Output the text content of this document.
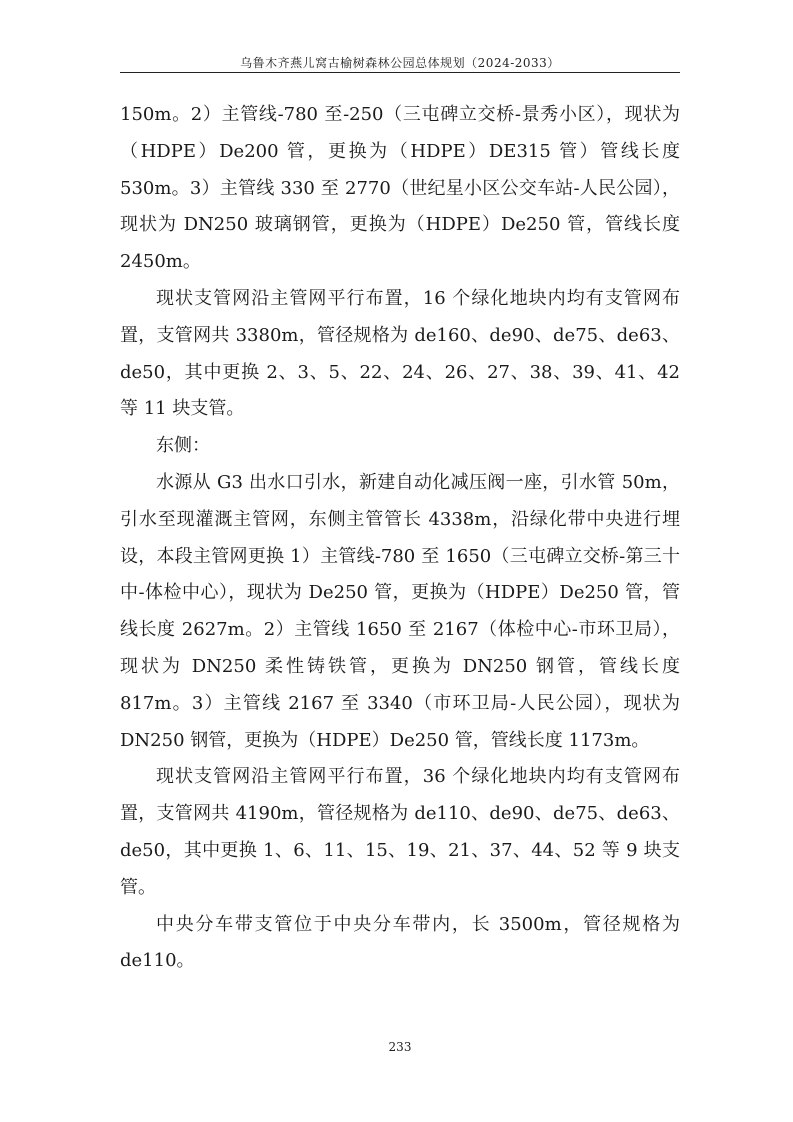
乌鲁木齐燕儿窝古榆树森林公园总体规划（2024-2033）

150m。2）主管线-780 至-250（三屯碑立交桥-景秀小区），现状为（HDPE）De200 管，更换为（HDPE）DE315 管）管线长度 530m。3）主管线 330 至 2770（世纪星小区公交车站-人民公园），现状为 DN250 玻璃钢管，更换为（HDPE）De250 管，管线长度 2450m。

现状支管网沿主管网平行布置，16 个绿化地块内均有支管网布置，支管网共 3380m，管径规格为 de160、de90、de75、de63、de50，其中更换 2、3、5、22、24、26、27、38、39、41、42 等 11 块支管。

东侧：

水源从 G3 出水口引水，新建自动化减压阀一座，引水管 50m，引水至现灌溉主管网，东侧主管管长 4338m，沿绿化带中央进行埋设，本段主管网更换 1）主管线-780 至 1650（三屯碑立交桥-第三十中-体检中心），现状为 De250 管，更换为（HDPE）De250 管，管线长度 2627m。2）主管线 1650 至 2167（体检中心-市环卫局），现状为 DN250 柔性铸铁管，更换为 DN250 钢管，管线长度 817m。3）主管线 2167 至 3340（市环卫局-人民公园），现状为 DN250 钢管，更换为（HDPE）De250 管，管线长度 1173m。

现状支管网沿主管网平行布置，36 个绿化地块内均有支管网布置，支管网共 4190m，管径规格为 de110、de90、de75、de63、de50，其中更换 1、6、11、15、19、21、37、44、52 等 9 块支管。

中央分车带支管位于中央分车带内，长 3500m，管径规格为 de110。

233
